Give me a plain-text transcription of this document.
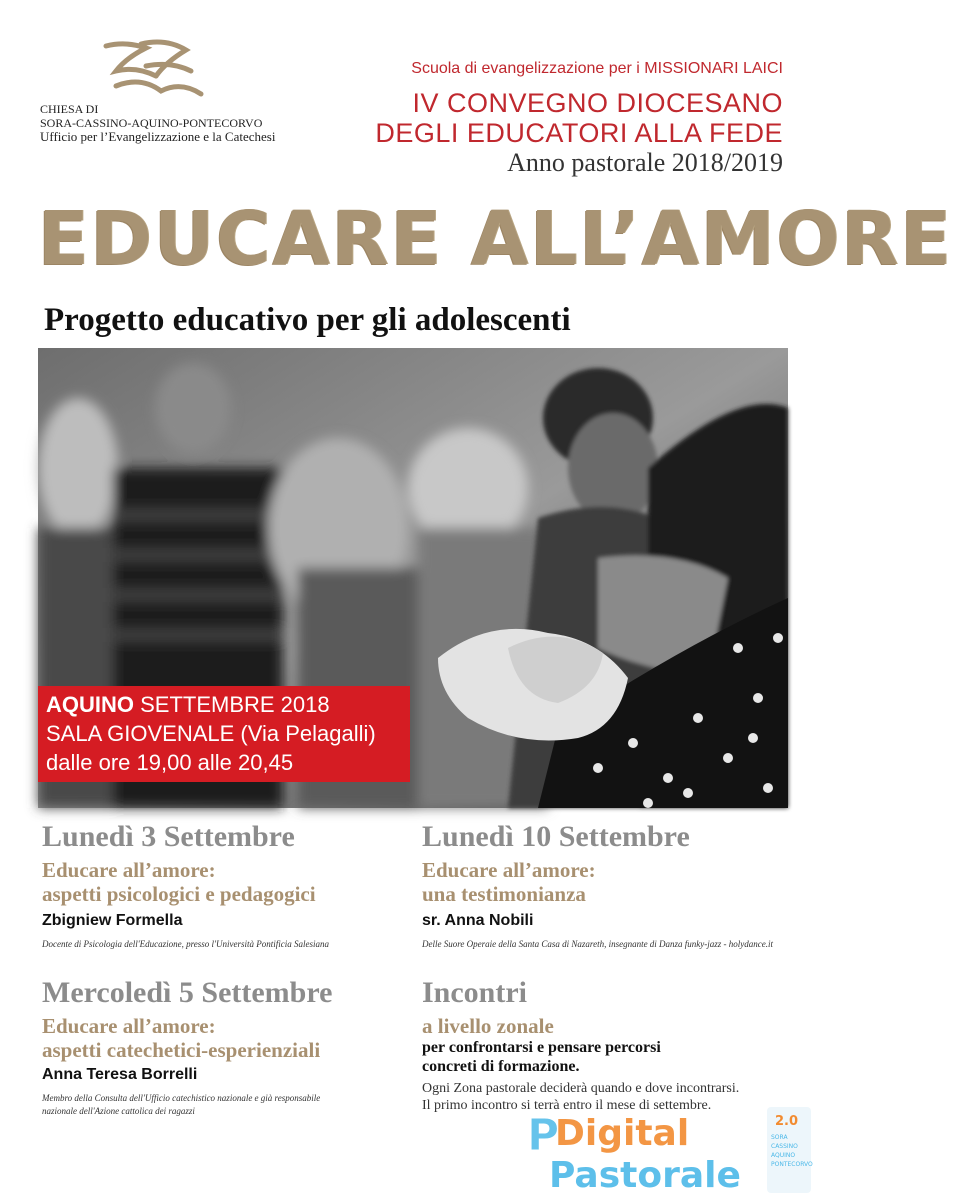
CHIESA DI
SORA-CASSINO-AQUINO-PONTECORVO
Ufficio per l’Evangelizzazione e la Catechesi
Scuola di evangelizzazione per i MISSIONARI LAICI
IV CONVEGNO DIOCESANO
DEGLI EDUCATORI ALLA FEDE
Anno pastorale 2018/2019
EDUCARE ALL’AMORE
Progetto educativo per gli adolescenti
AQUINO SETTEMBRE 2018
SALA GIOVENALE (Via Pelagalli)
dalle ore 19,00 alle 20,45
Lunedì 3 Settembre
Educare all’amore:
aspetti psicologici e pedagogici
Zbigniew Formella
Docente di Psicologia dell'Educazione, presso l'Università Pontificia Salesiana
Mercoledì 5 Settembre
Educare all’amore:
aspetti catechetici-esperienziali
Anna Teresa Borrelli
Membro della Consulta dell'Ufficio catechistico nazionale e già responsabile
nazionale dell'Azione cattolica dei ragazzi
Lunedì 10 Settembre
Educare all’amore:
una testimonianza
sr. Anna Nobili
Delle Suore Operaie della Santa Casa di Nazareth, insegnante di Danza funky-jazz - holydance.it
Incontri
a livello zonale
per confrontarsi e pensare percorsi
concreti di formazione.
Ogni Zona pastorale deciderà quando e dove incontrarsi.
Il primo incontro si terrà entro il mese di settembre.
P
Digital
Pastorale
2.0
SORA
CASSINO
AQUINO
PONTECORVO
